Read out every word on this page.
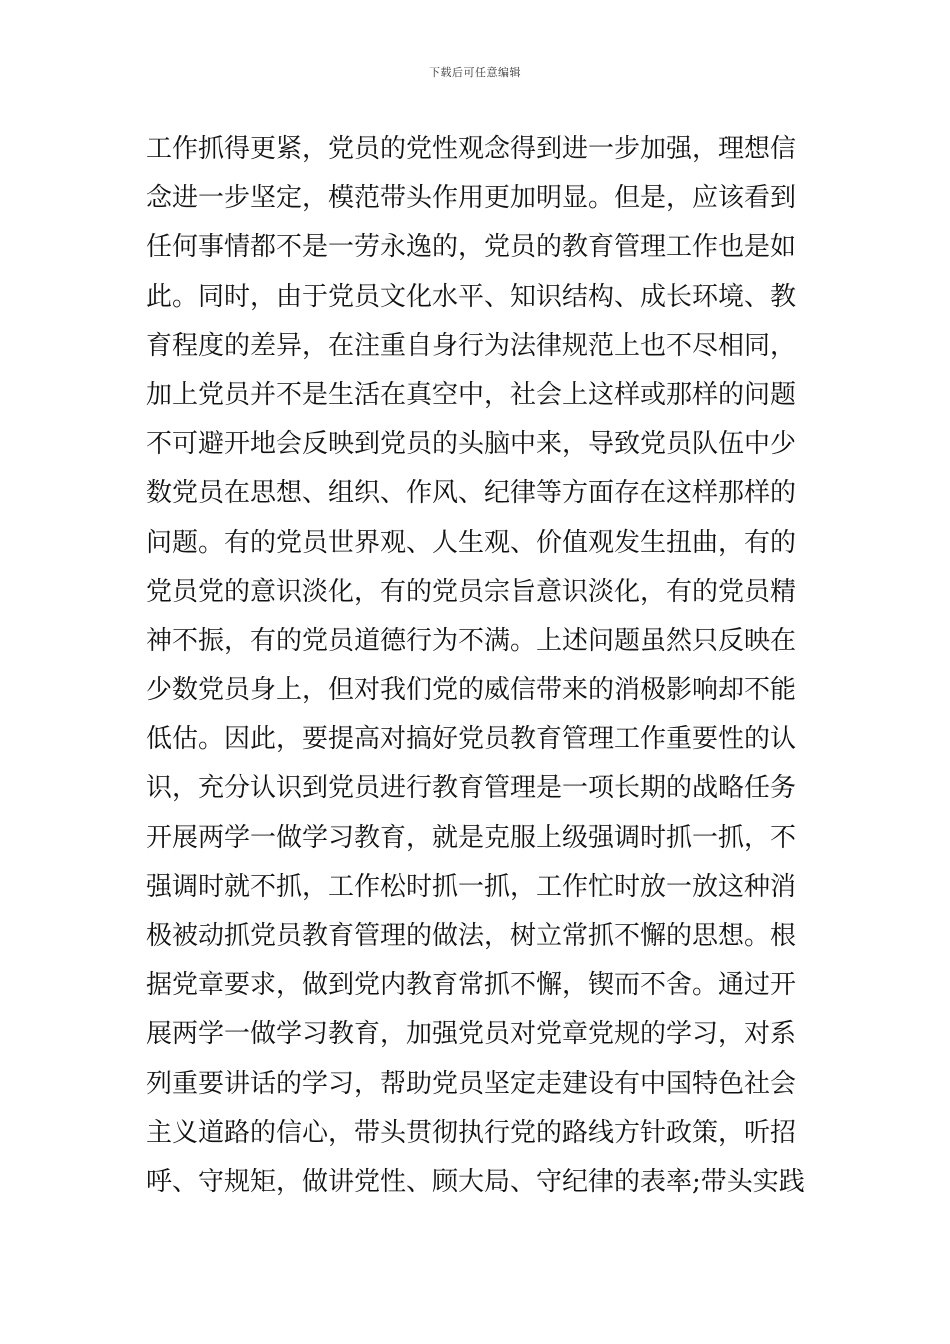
下载后可任意编辑
工作抓得更紧，党员的党性观念得到进一步加强，理想信
念进一步坚定，模范带头作用更加明显。但是，应该看到
任何事情都不是一劳永逸的，党员的教育管理工作也是如
此。同时，由于党员文化水平、知识结构、成长环境、教
育程度的差异，在注重自身行为法律规范上也不尽相同，
加上党员并不是生活在真空中，社会上这样或那样的问题
不可避开地会反映到党员的头脑中来，导致党员队伍中少
数党员在思想、组织、作风、纪律等方面存在这样那样的
问题。有的党员世界观、人生观、价值观发生扭曲，有的
党员党的意识淡化，有的党员宗旨意识淡化，有的党员精
神不振，有的党员道德行为不满。上述问题虽然只反映在
少数党员身上，但对我们党的威信带来的消极影响却不能
低估。因此，要提高对搞好党员教育管理工作重要性的认
识，充分认识到党员进行教育管理是一项长期的战略任务
开展两学一做学习教育，就是克服上级强调时抓一抓，不
强调时就不抓，工作松时抓一抓，工作忙时放一放这种消
极被动抓党员教育管理的做法，树立常抓不懈的思想。根
据党章要求，做到党内教育常抓不懈，锲而不舍。通过开
展两学一做学习教育，加强党员对党章党规的学习，对系
列重要讲话的学习，帮助党员坚定走建设有中国特色社会
主义道路的信心，带头贯彻执行党的路线方针政策，听招
呼、守规矩，做讲党性、顾大局、守纪律的表率;带头实践
